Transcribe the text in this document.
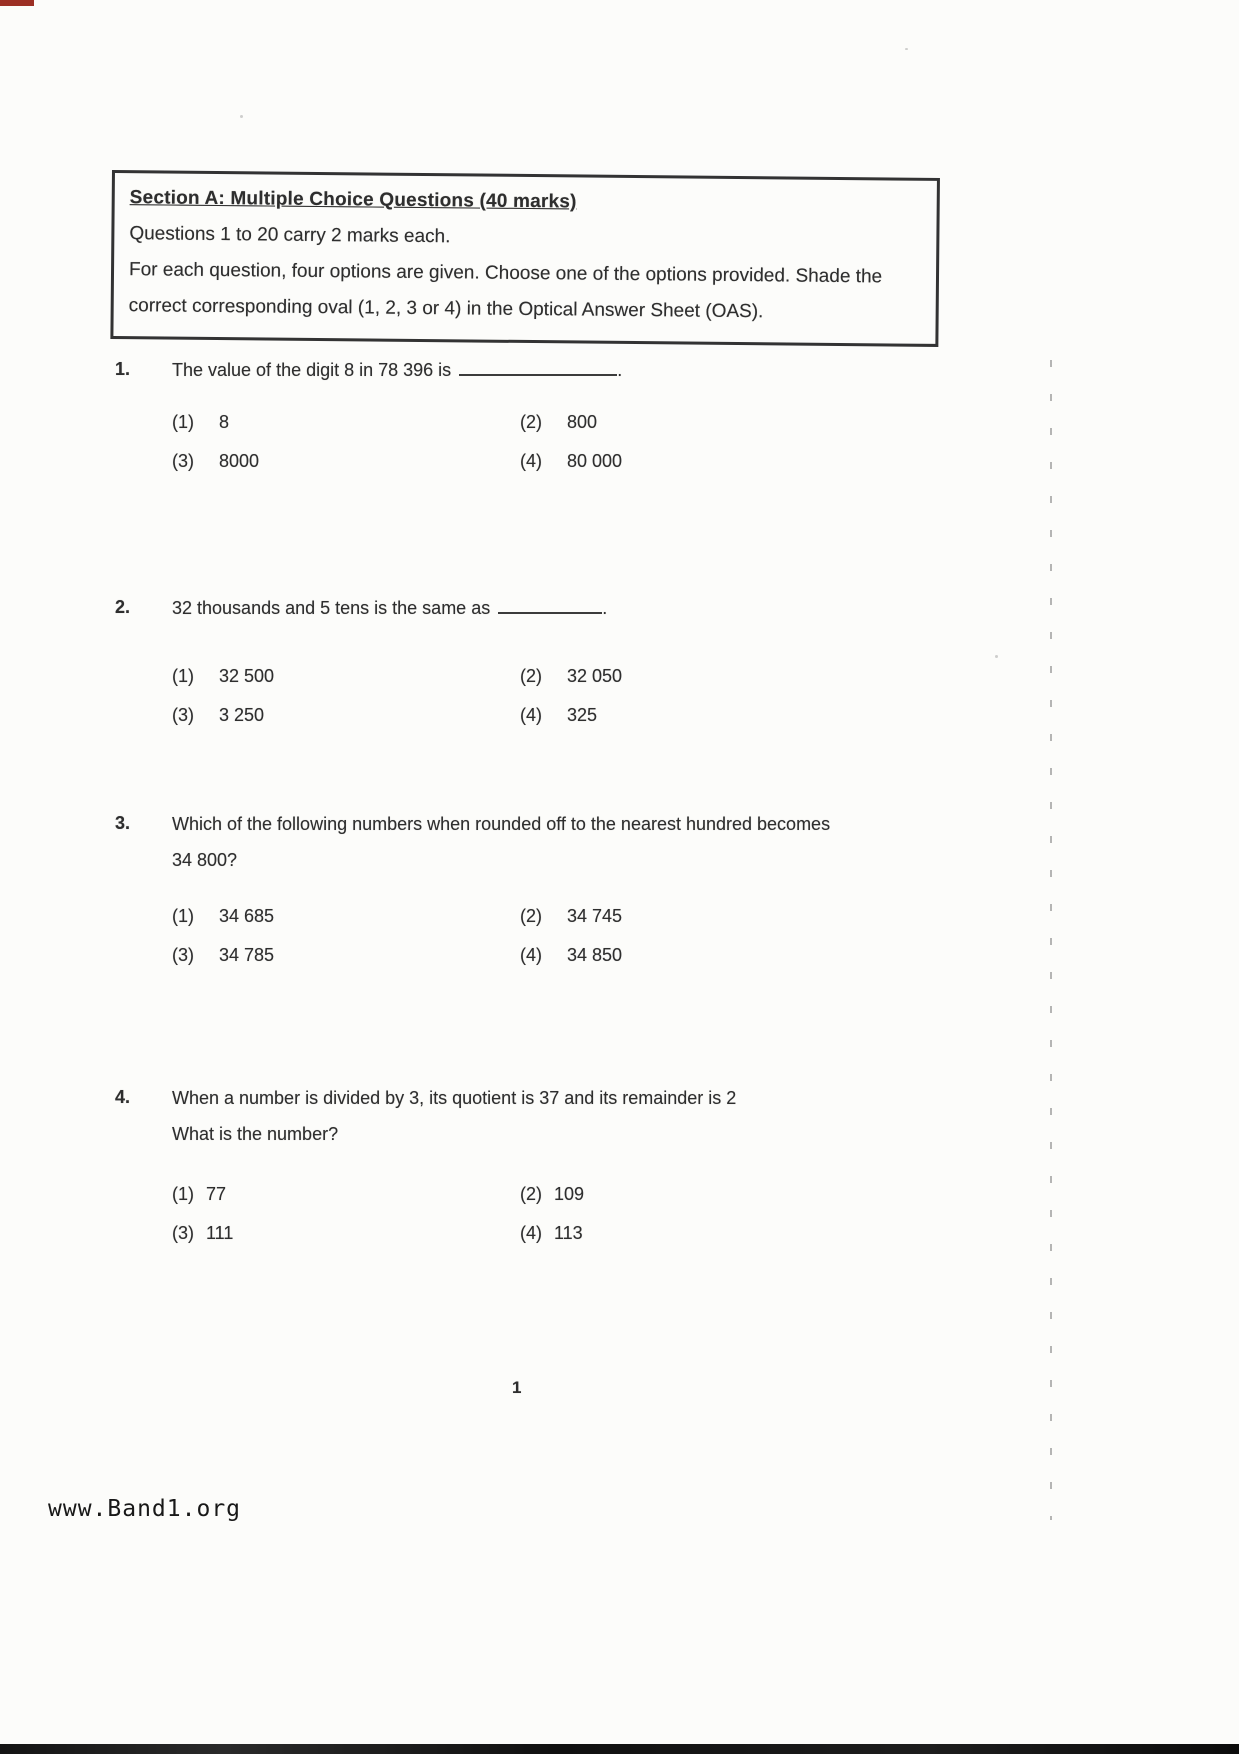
Section A: Multiple Choice Questions (40 marks)
Questions 1 to 20 carry 2 marks each.
For each question, four options are given. Choose one of the options provided. Shade the correct corresponding oval (1, 2, 3 or 4) in the Optical Answer Sheet (OAS).
1.	The value of the digit 8 in 78 396 is	.
(1) 8	(2) 800
(3) 8000	(4) 80 000
2.	32 thousands and 5 tens is the same as	.
(1) 32 500	(2) 32 050
(3) 3 250	(4) 325
3.	Which of the following numbers when rounded off to the nearest hundred becomes
34 800?
(1) 34 685	(2) 34 745
(3) 34 785	(4) 34 850
4.	When a number is divided by 3, its quotient is 37 and its remainder is 2
What is the number?
(1) 77	(2) 109
(3) 111	(4) 113
1
www.Band1.org
